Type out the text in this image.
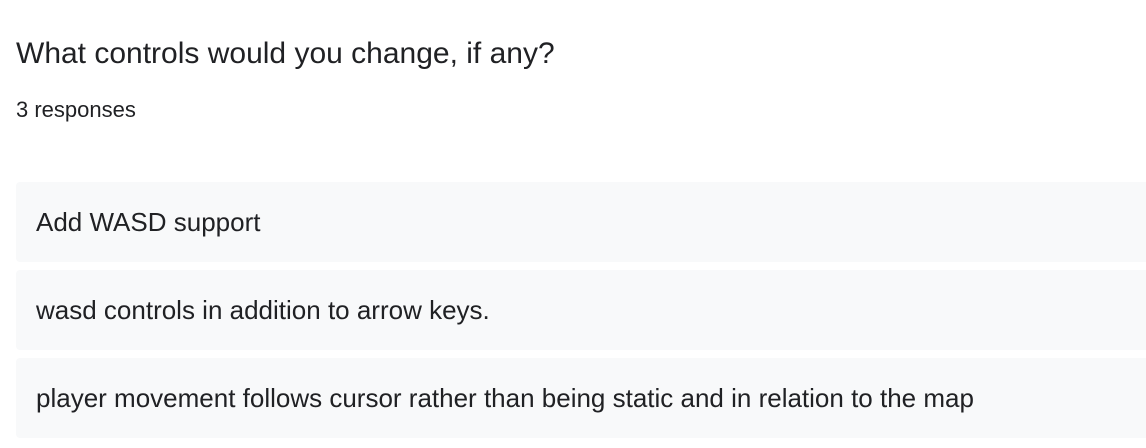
What controls would you change, if any?
3 responses
Add WASD support
wasd controls in addition to arrow keys.
player movement follows cursor rather than being static and in relation to the map
